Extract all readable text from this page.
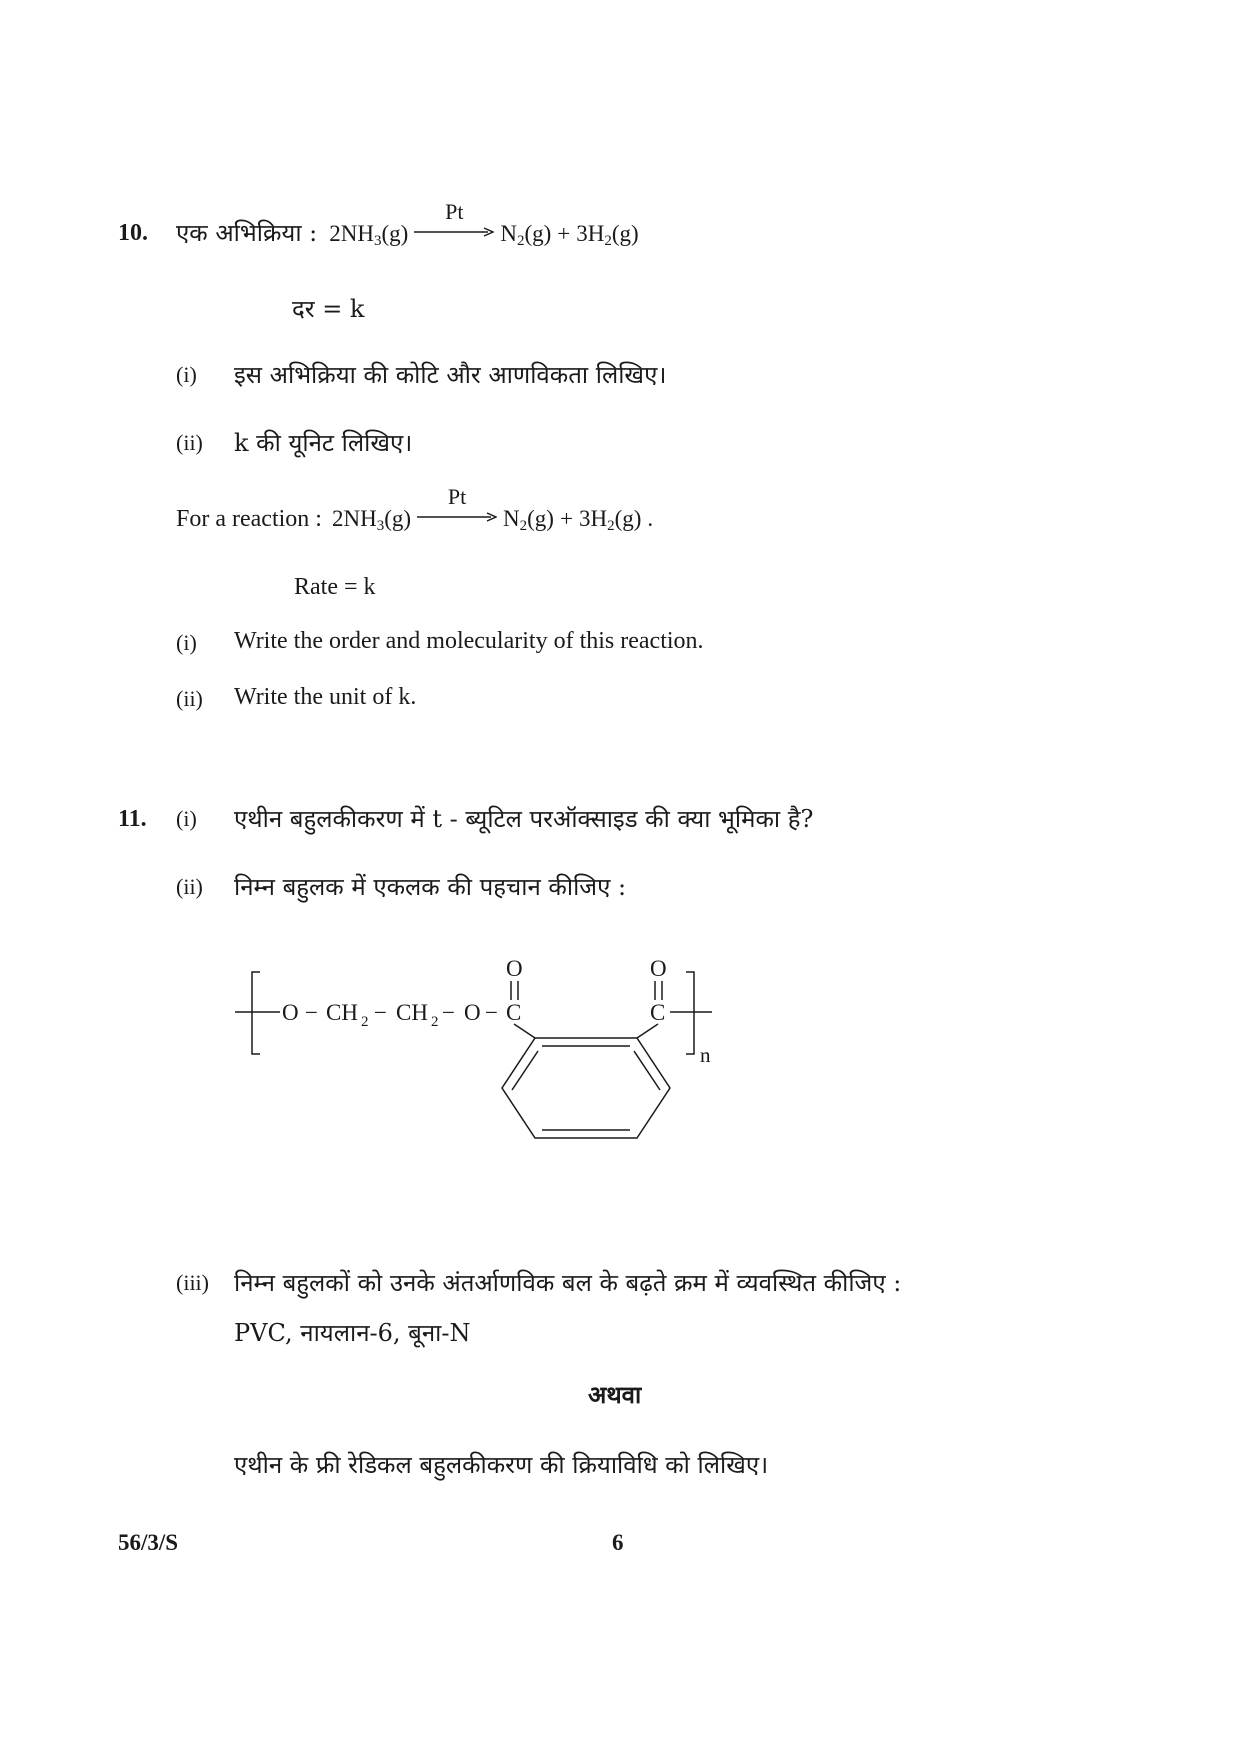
10. एक अभिक्रिया : $2NH_3(g)$
Pt
$N_2(g) + 3H_2(g)$
दर = k
(i) इस अभिक्रिया की कोटि और आणविकता लिखिए।
(ii) k की यूनिट लिखिए।
For a reaction : $2NH_3(g)$
Pt
$N_2(g) + 3H_2(g)$ .
Rate = k
(i) Write the order and molecularity of this reaction.
(ii) Write the unit of k.
11. (i) एथीन बहुलकीकरण में t - ब्यूटिल परऑक्साइड की क्या भूमिका है?
(ii) निम्न बहुलक में एकलक की पहचान कीजिए :
O − CH 2 − CH 2 − O − C
O
C
O
n
(iii) निम्न बहुलकों को उनके अंतर्आणविक बल के बढ़ते क्रम में व्यवस्थित कीजिए :
PVC, नायलान-6, बूना-N
अथवा
एथीन के फ्री रेडिकल बहुलकीकरण की क्रियाविधि को लिखिए।
56/3/S	6
